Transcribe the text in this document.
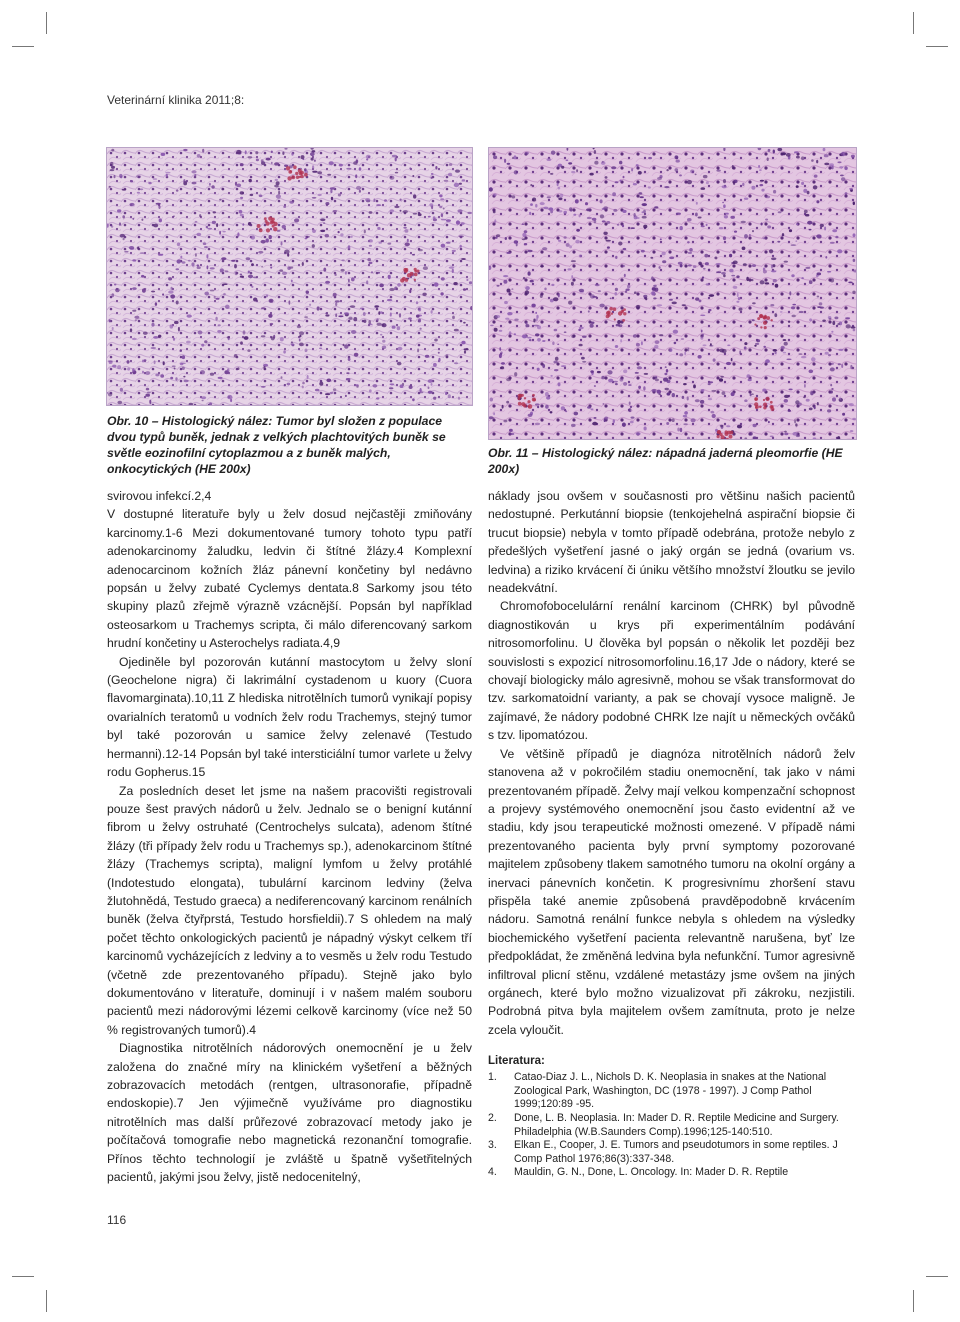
Veterinární klinika 2011;8:
Obr. 10 – Histologický nález: Tumor byl složen z populace dvou typů buněk, jednak z velkých plachtovitých buněk se světle eozinofilní cytoplazmou a z buněk malých, onkocytických (HE 200x)
Obr. 11 – Histologický nález: nápadná jaderná pleomorfie (HE 200x)

svirovou infekcí.2,4

V dostupné literatuře byly u želv dosud nejčastěji zmiňovány karcinomy.1-6 Mezi dokumentované tumory tohoto typu patří adenokarcinomy žaludku, ledvin či štítné žlázy.4 Komplexní adenocarcinom kožních žláz pánevní končetiny byl nedávno popsán u želvy zubaté Cyclemys dentata.8 Sarkomy jsou této skupiny plazů zřejmě výrazně vzácnější. Popsán byl například osteosarkom u Trachemys scripta, či málo diferencovaný sarkom hrudní končetiny u Asterochelys radiata.4,9

Ojediněle byl pozorován kutánní mastocytom u želvy sloní (Geochelone nigra) či lakrimální cystadenom u kuory (Cuora flavomarginata).10,11 Z hlediska nitrotělních tumorů vynikají popisy ovarialních teratomů u vodních želv rodu Trachemys, stejný tumor byl také pozorován u samice želvy zelenavé (Testudo hermanni).12-14 Popsán byl také intersticiální tumor varlete u želvy rodu Gopherus.15

Za posledních deset let jsme na našem pracovišti registrovali pouze šest pravých nádorů u želv. Jednalo se o benigní kutánní fibrom u želvy ostruhaté (Centrochelys sulcata), adenom štítné žlázy (tři případy želv rodu u Trachemys sp.), adenokarcinom štítné žlázy (Trachemys scripta), maligní lymfom u želvy protáhlé (Indotestudo elongata), tubulární karcinom ledviny (želva žlutohnědá, Testudo graeca) a nediferencovaný karcinom renálních buněk (želva čtyřprstá, Testudo horsfieldii).7 S ohledem na malý počet těchto onkologických pacientů je nápadný výskyt celkem tří karcinomů vycházejících z ledviny a to vesměs u želv rodu Testudo (včetně zde prezentovaného případu). Stejně jako bylo dokumentováno v literatuře, dominují i v našem malém souboru pacientů mezi nádorovými lézemi celkově karcinomy (více než 50 % registrovaných tumorů).4

Diagnostika nitrotělních nádorových onemocnění je u želv založena do značné míry na klinickém vyšetření a běžných zobrazovacích metodách (rentgen, ultrasonorafie, případně endoskopie).7 Jen výjimečně využíváme pro diagnostiku nitrotělních mas další průřezové zobrazovací metody jako je počítačová tomografie nebo magnetická rezonanční tomografie. Přínos těchto technologií je zvláště u špatně vyšetřitelných pacientů, jakými jsou želvy, jistě nedocenitelný,

náklady jsou ovšem v současnosti pro většinu našich pacientů nedostupné. Perkutánní biopsie (tenkojehelná aspirační biopsie či trucut biopsie) nebyla v tomto případě odebrána, protože nebylo z předešlých vyšetření jasné o jaký orgán se jedná (ovarium vs. ledvina) a riziko krvácení či úniku většího množství žloutku se jevilo neadekvátní.

Chromofobocelulární renální karcinom (CHRK) byl původně diagnostikován u krys při experimentálním podávání nitrosomorfolinu. U člověka byl popsán o několik let později bez souvislosti s expozicí nitrosomorfolinu.16,17 Jde o nádory, které se chovají biologicky málo agresivně, mohou se však transformovat do tzv. sarkomatoidní varianty, a pak se chovají vysoce maligně. Je zajímavé, že nádory podobné CHRK lze najít u německých ovčáků s tzv. lipomatózou.

Ve většině případů je diagnóza nitrotělních nádorů želv stanovena až v pokročilém stadiu onemocnění, tak jako v námi prezentovaném případě. Želvy mají velkou kompenzační schopnost a projevy systémového onemocnění jsou často evidentní až ve stadiu, kdy jsou terapeutické možnosti omezené. V případě námi prezentovaného pacienta byly první symptomy pozorované majitelem způsobeny tlakem samotného tumoru na okolní orgány a inervaci pánevních končetin. K progresivnímu zhoršení stavu přispěla také anemie způsobená pravděpodobně krvácením nádoru. Samotná renální funkce nebyla s ohledem na výsledky biochemického vyšetření pacienta relevantně narušena, byť lze předpokládat, že změněná ledvina byla nefunkční. Tumor agresivně infiltroval plicní stěnu, vzdálené metastázy jsme ovšem na jiných orgánech, které bylo možno vizualizovat při zákroku, nezjistili. Podrobná pitva byla majitelem ovšem zamítnuta, proto je nelze zcela vyloučit.

Literatura:
1.	Catao-Diaz J. L., Nichols D. K. Neoplasia in snakes at the National Zoological Park, Washington, DC (1978 - 1997). J Comp Pathol 1999;120:89 -95.
2.	Done, L. B. Neoplasia. In: Mader D. R. Reptile Medicine and Surgery. Philadelphia (W.B.Saunders Comp).1996;125-140:510.
3.	Elkan E., Cooper, J. E. Tumors and pseudotumors in some reptiles. J Comp Pathol 1976;86(3):337-348.
4.	Mauldin, G. N., Done, L. Oncology. In: Mader D. R. Reptile
116
